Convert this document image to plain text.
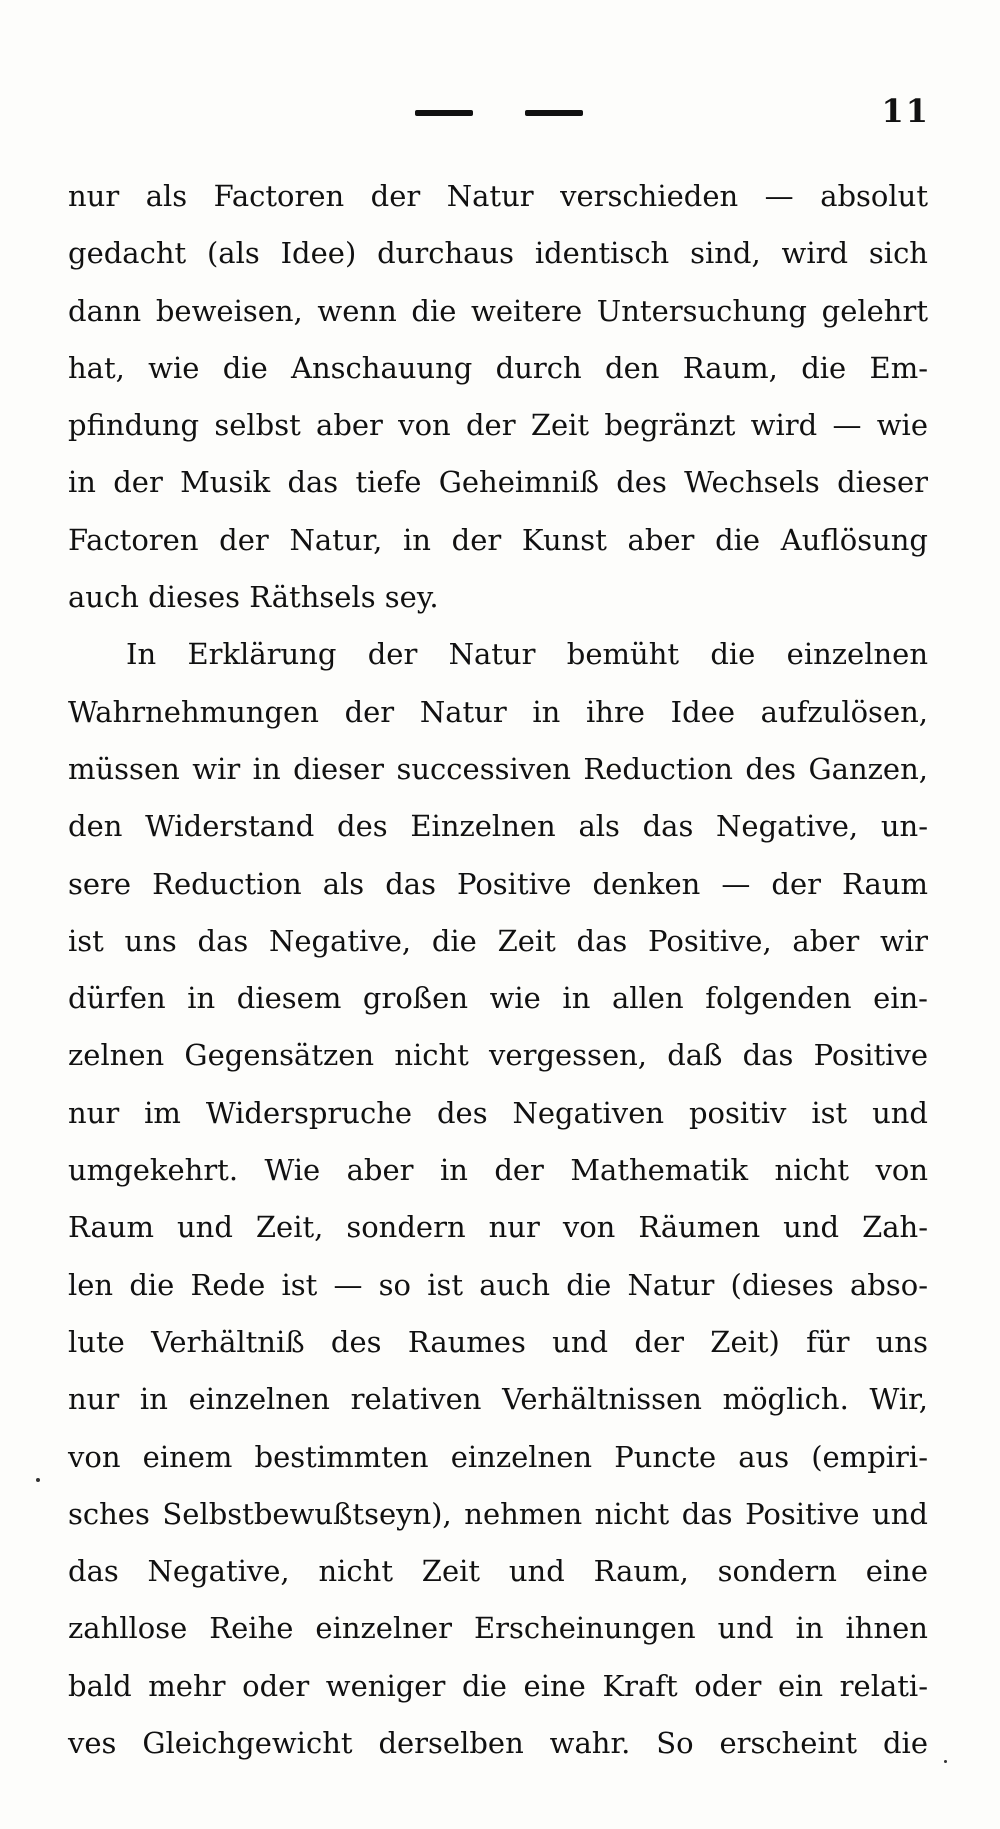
11
nur als Factoren der Natur verschieden — absolut
gedacht (als Idee) durchaus identisch sind, wird sich
dann beweisen, wenn die weitere Untersuchung gelehrt
hat, wie die Anschauung durch den Raum, die Em-
pfindung selbst aber von der Zeit begränzt wird — wie
in der Musik das tiefe Geheimniß des Wechsels dieser
Factoren der Natur, in der Kunst aber die Auflösung
auch dieses Räthsels sey.
In Erklärung der Natur bemüht die einzelnen
Wahrnehmungen der Natur in ihre Idee aufzulösen,
müssen wir in dieser successiven Reduction des Ganzen,
den Widerstand des Einzelnen als das Negative, un-
sere Reduction als das Positive denken — der Raum
ist uns das Negative, die Zeit das Positive, aber wir
dürfen in diesem großen wie in allen folgenden ein-
zelnen Gegensätzen nicht vergessen, daß das Positive
nur im Widerspruche des Negativen positiv ist und
umgekehrt. Wie aber in der Mathematik nicht von
Raum und Zeit, sondern nur von Räumen und Zah-
len die Rede ist — so ist auch die Natur (dieses abso-
lute Verhältniß des Raumes und der Zeit) für uns
nur in einzelnen relativen Verhältnissen möglich. Wir,
von einem bestimmten einzelnen Puncte aus (empiri-
sches Selbstbewußtseyn), nehmen nicht das Positive und
das Negative, nicht Zeit und Raum, sondern eine
zahllose Reihe einzelner Erscheinungen und in ihnen
bald mehr oder weniger die eine Kraft oder ein relati-
ves Gleichgewicht derselben wahr. So erscheint die
